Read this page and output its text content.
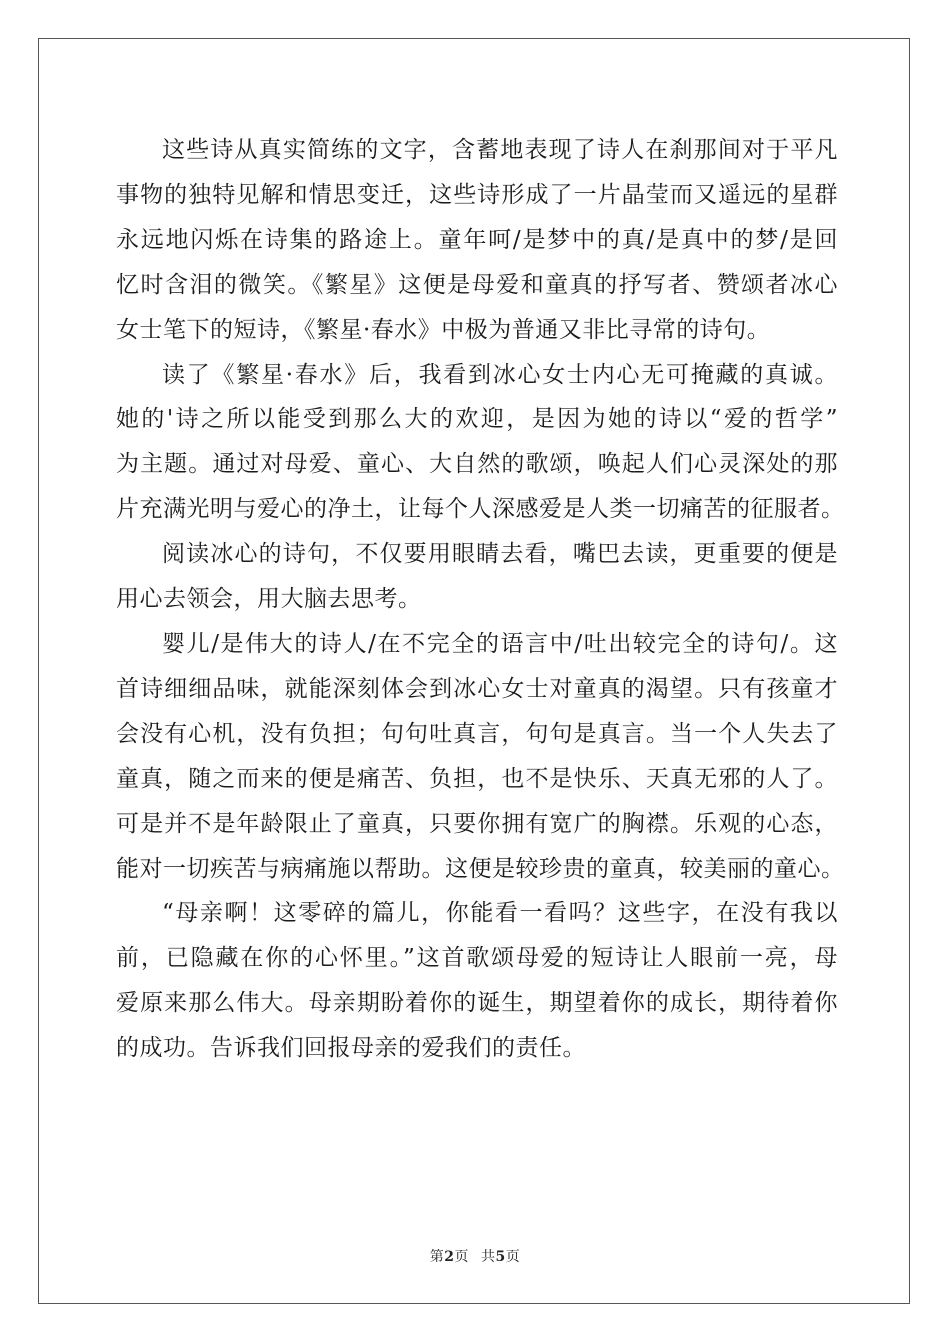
这些诗从真实简练的文字，含蓄地表现了诗人在刹那间对于平凡
事物的独特见解和情思变迁，这些诗形成了一片晶莹而又遥远的星群
永远地闪烁在诗集的路途上。童年呵/是梦中的真/是真中的梦/是回
忆时含泪的微笑。《繁星》这便是母爱和童真的抒写者、赞颂者冰心
女士笔下的短诗，《繁星·春水》中极为普通又非比寻常的诗句。

读了《繁星·春水》后，我看到冰心女士内心无可掩藏的真诚。
她的'诗之所以能受到那么大的欢迎，是因为她的诗以“爱的哲学”
为主题。通过对母爱、童心、大自然的歌颂，唤起人们心灵深处的那
片充满光明与爱心的净土，让每个人深感爱是人类一切痛苦的征服者。

阅读冰心的诗句，不仅要用眼睛去看，嘴巴去读，更重要的便是
用心去领会，用大脑去思考。

婴儿/是伟大的诗人/在不完全的语言中/吐出较完全的诗句/。这
首诗细细品味，就能深刻体会到冰心女士对童真的渴望。只有孩童才
会没有心机，没有负担；句句吐真言，句句是真言。当一个人失去了
童真，随之而来的便是痛苦、负担，也不是快乐、天真无邪的人了。
可是并不是年龄限止了童真，只要你拥有宽广的胸襟。乐观的心态，
能对一切疾苦与病痛施以帮助。这便是较珍贵的童真，较美丽的童心。

“母亲啊！这零碎的篇儿，你能看一看吗？这些字，在没有我以
前，已隐藏在你的心怀里。”这首歌颂母爱的短诗让人眼前一亮，母
爱原来那么伟大。母亲期盼着你的诞生，期望着你的成长，期待着你
的成功。告诉我们回报母亲的爱我们的责任。

第2页 共5页
